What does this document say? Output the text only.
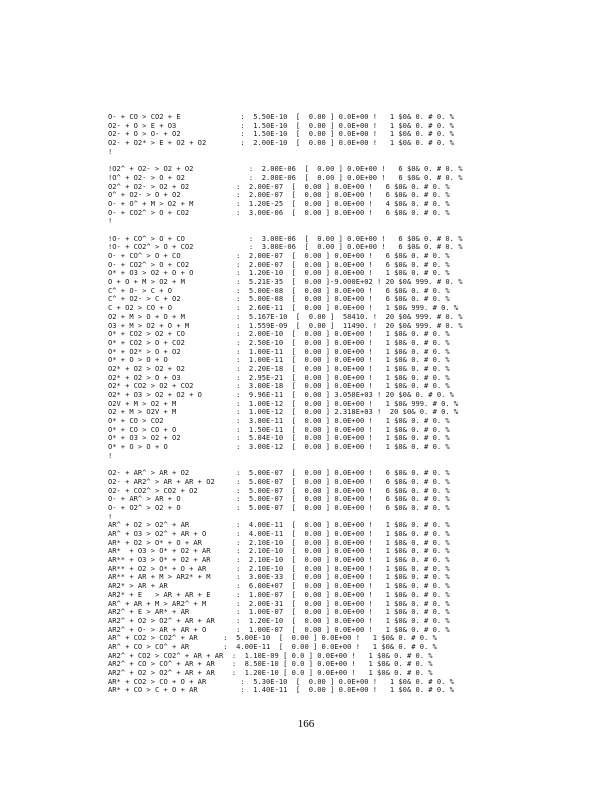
O- + CO > CO2 + E              :  5.50E-10  [  0.00 ] 0.0E+00 !   1 $0& 0. # 0. %
O2- + O > E + O3               :  1.50E-10  [  0.00 ] 0.0E+00 !   1 $0& 0. # 0. %
O2- + O > O- + O2              :  1.50E-10  [  0.00 ] 0.0E+00 !   1 $0& 0. # 0. %
O2- + O2* > E + O2 + O2        :  2.00E-10  [  0.00 ] 0.0E+00 !   1 $0& 0. # 0. %
!
!O2^ + O2- > O2 + O2             :  2.00E-06  [  0.00 ] 0.0E+00 !   6 $0& 0. # 0. %
!O^ + O2- > O + O2               :  2.00E-06  [  0.00 ] 0.0E+00 !   6 $0& 0. # 0. %
O2^ + O2- > O2 + O2           :  2.00E-07  [  0.00 ] 0.0E+00 !   6 $0& 0. # 0. %
O^ + O2- > O + O2             :  2.00E-07  [  0.00 ] 0.0E+00 !   6 $0& 0. # 0. %
O- + O^ + M > O2 + M          :  1.20E-25  [  0.00 ] 0.0E+00 !   4 $0& 0. # 0. %
O- + CO2^ > O + CO2           :  3.00E-06  [  0.00 ] 0.0E+00 !   6 $0& 0. # 0. %
!
!O- + CO^ > O + CO               :  3.00E-06  [  0.00 ] 0.0E+00 !   6 $0& 0. # 0. %
!O- + CO2^ > O + CO2             :  3.00E-06  [  0.00 ] 0.0E+00 !   6 $0& 0. # 0. %
O- + CO^ > O + CO             :  2.00E-07  [  0.00 ] 0.0E+00 !   6 $0& 0. # 0. %
O- + CO2^ > O + CO2           :  2.00E-07  [  0.00 ] 0.0E+00 !   6 $0& 0. # 0. %
O* + O3 > O2 + O + O          :  1.20E-10  [  0.00 ] 0.0E+00 !   1 $0& 0. # 0. %
O + O + M > O2 + M            :  5.21E-35  [  0.00 ]-9.000E+02 ! 20 $0& 999. # 0. %
C^ + O- > C + O               :  5.00E-08  [  0.00 ] 0.0E+00 !   6 $0& 0. # 0. %
C^ + O2- > C + O2             :  5.00E-08  [  0.00 ] 0.0E+00 !   6 $0& 0. # 0. %
C + O2 > CO + O               :  2.60E-11  [  0.00 ] 0.0E+00 !   1 $0& 999. # 0. %
O2 + M > O + O + M            :  5.167E-10  [  0.00 ]  58410. !  20 $0& 999. # 0. %
O3 + M > O2 + O + M           :  1.559E-09  [  0.00 ]  11490. !  20 $0& 999. # 0. %
O* + CO2 > O2 + CO            :  2.00E-10  [  0.00 ] 0.0E+00 !   1 $0& 0. # 0. %
O* + CO2 > O + CO2            :  2.50E-10  [  0.00 ] 0.0E+00 !   1 $0& 0. # 0. %
O* + O2* > O + O2             :  1.00E-11  [  0.00 ] 0.0E+00 !   1 $0& 0. # 0. %
O* + O > O + O                :  1.00E-11  [  0.00 ] 0.0E+00 !   1 $0& 0. # 0. %
O2* + O2 > O2 + O2            :  2.20E-18  [  0.00 ] 0.0E+00 !   1 $0& 0. # 0. %
O2* + O2 > O + O3             :  2.95E-21  [  0.00 ] 0.0E+00 !   1 $0& 0. # 0. %
O2* + CO2 > O2 + CO2          :  3.00E-18  [  0.00 ] 0.0E+00 !   1 $0& 0. # 0. %
O2* + O3 > O2 + O2 + O        :  9.96E-11  [  0.00 ] 3.050E+03 ! 20 $0& 0. # 0. %
O2V + M > O2 + M              :  1.00E-12  [  0.00 ] 0.0E+00 !   1 $0& 999. # 0. %
O2 + M > O2V + M              :  1.00E-12  [  0.00 ] 2.318E+03 !  20 $0& 0. # 0. %
O* + CO > CO2                 :  3.80E-11  [  0.00 ] 0.0E+00 !   1 $0& 0. # 0. %
O* + CO > CO + O              :  1.50E-11  [  0.00 ] 0.0E+00 !   1 $0& 0. # 0. %
O* + O3 > O2 + O2             :  5.04E-10  [  0.00 ] 0.0E+00 !   1 $0& 0. # 0. %
O* + O > O + O                :  3.00E-12  [  0.00 ] 0.0E+00 !   1 $0& 0. # 0. %
!
O2- + AR^ > AR + O2           :  5.00E-07  [  0.00 ] 0.0E+00 !   6 $0& 0. # 0. %
O2- + AR2^ > AR + AR + O2     :  5.00E-07  [  0.00 ] 0.0E+00 !   6 $0& 0. # 0. %
O2- + CO2^ > CO2 + O2         :  5.00E-07  [  0.00 ] 0.0E+00 !   6 $0& 0. # 0. %
O- + AR^ > AR + O             :  5.00E-07  [  0.00 ] 0.0E+00 !   6 $0& 0. # 0. %
O- + O2^ > O2 + O             :  5.00E-07  [  0.00 ] 0.0E+00 !   6 $0& 0. # 0. %
!
AR^ + O2 > O2^ + AR           :  4.00E-11  [  0.00 ] 0.0E+00 !   1 $0& 0. # 0. %
AR^ + O3 > O2^ + AR + O       :  4.00E-11  [  0.00 ] 0.0E+00 !   1 $0& 0. # 0. %
AR* + O2 > O* + O + AR        :  2.10E-10  [  0.00 ] 0.0E+00 !   1 $0& 0. # 0. %
AR*  + O3 > O* + O2 + AR      :  2.10E-10  [  0.00 ] 0.0E+00 !   1 $0& 0. # 0. %
AR** + O3 > O* + O2 + AR      :  2.10E-10  [  0.00 ] 0.0E+00 !   1 $0& 0. # 0. %
AR** + O2 > O* + O + AR       :  2.10E-10  [  0.00 ] 0.0E+00 !   1 $0& 0. # 0. %
AR** + AR + M > AR2* + M      :  3.00E-33  [  0.00 ] 0.0E+00 !   1 $0& 0. # 0. %
AR2* > AR + AR                :  6.00E+07  [  0.00 ] 0.0E+00 !   1 $0& 0. # 0. %
AR2* + E   > AR + AR + E      :  1.00E-07  [  0.00 ] 0.0E+00 !   1 $0& 0. # 0. %
AR^ + AR + M > AR2^ + M       :  2.00E-31  [  0.00 ] 0.0E+00 !   1 $0& 0. # 0. %
AR2^ + E > AR* + AR           :  1.00E-07  [  0.00 ] 0.0E+00 !   1 $0& 0. # 0. %
AR2^ + O2 > O2^ + AR + AR     :  1.20E-10  [  0.00 ] 0.0E+00 !   1 $0& 0. # 0. %
AR2^ + O- > AR + AR + O       :  1.00E-07  [  0.00 ] 0.0E+00 !   1 $0& 0. # 0. %
AR^ + CO2 > CO2^ + AR      :  5.00E-10  [  0.00 ] 0.0E+00 !   1 $0& 0. # 0. %
AR^ + CO > CO^ + AR        :  4.00E-11  [  0.00 ] 0.0E+00 !   1 $0& 0. # 0. %
AR2^ + CO2 > CO2^ + AR + AR  :  1.10E-09 [ 0.0 ] 0.0E+00 !   1 $0& 0. # 0. %
AR2^ + CO > CO^ + AR + AR    :  8.50E-10 [ 0.0 ] 0.0E+00 !   1 $0& 0. # 0. %
AR2^ + O2 > O2^ + AR + AR    :  1.20E-10 [ 0.0 ] 0.0E+00 !   1 $0& 0. # 0. %
AR* + CO2 > CO + O + AR        :  5.30E-10  [  0.00 ] 0.0E+00 !   1 $0& 0. # 0. %
AR* + CO > C + O + AR          :  1.40E-11  [  0.00 ] 0.0E+00 !   1 $0& 0. # 0. %
166
